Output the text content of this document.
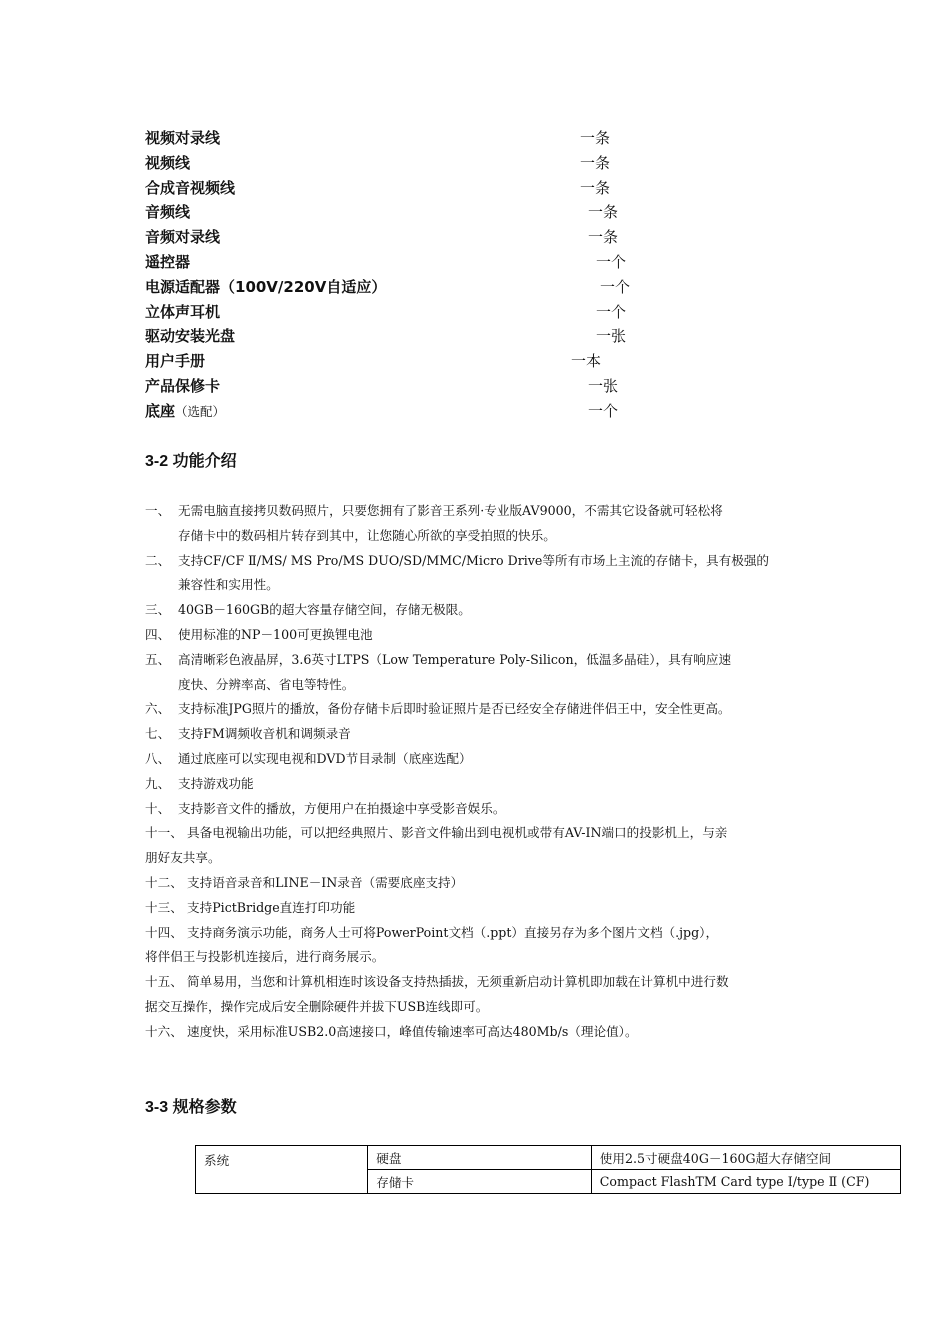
视频对录线	一条
视频线	一条
合成音视频线	一条
音频线	一条
音频对录线	一条
遥控器	一个
电源适配器（100V/220V自适应）	一个
立体声耳机	一个
驱动安装光盘	一张
用户手册	一本
产品保修卡	一张
底座（选配）	一个
3-2 功能介绍
一、 无需电脑直接拷贝数码照片，只要您拥有了影音王系列·专业版AV9000，不需其它设备就可轻松将
存储卡中的数码相片转存到其中，让您随心所欲的享受拍照的快乐。
二、 支持CF/CF Ⅱ/MS/ MS Pro/MS DUO/SD/MMC/Micro Drive等所有市场上主流的存储卡，具有极强的
兼容性和实用性。
三、 40GB－160GB的超大容量存储空间，存储无极限。
四、 使用标准的NP－100可更换锂电池
五、 高清晰彩色液晶屏，3.6英寸LTPS（Low Temperature Poly-Silicon，低温多晶硅），具有响应速
度快、分辨率高、省电等特性。
六、 支持标准JPG照片的播放，备份存储卡后即时验证照片是否已经安全存储进伴侣王中，安全性更高。
七、 支持FM调频收音机和调频录音
八、 通过底座可以实现电视和DVD节目录制（底座选配）
九、 支持游戏功能
十、 支持影音文件的播放，方便用户在拍摄途中享受影音娱乐。
十一、 具备电视输出功能，可以把经典照片、影音文件输出到电视机或带有AV-IN端口的投影机上，与亲
朋好友共享。
十二、 支持语音录音和LINE－IN录音（需要底座支持）
十三、 支持PictBridge直连打印功能
十四、 支持商务演示功能，商务人士可将PowerPoint文档（.ppt）直接另存为多个图片文档（.jpg），
将伴侣王与投影机连接后，进行商务展示。
十五、 简单易用，当您和计算机相连时该设备支持热插拔，无须重新启动计算机即加载在计算机中进行数
据交互操作，操作完成后安全删除硬件并拔下USB连线即可。
十六、 速度快，采用标准USB2.0高速接口，峰值传输速率可高达480Mb/s（理论值）。
3-3 规格参数
系统	硬盘	使用2.5寸硬盘40G－160G超大存储空间
	存储卡	Compact FlashTM Card type I/type Ⅱ (CF)
